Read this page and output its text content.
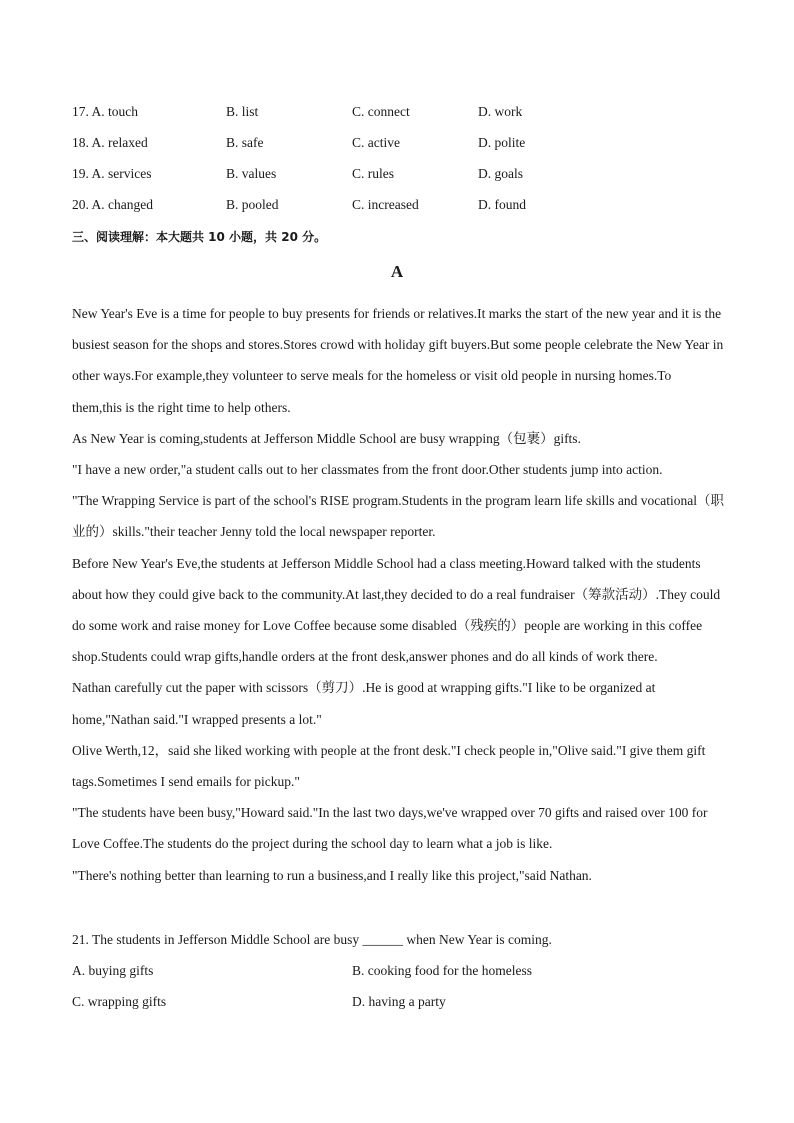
17. A. touch	B. list	C. connect	D. work
18. A. relaxed	B. safe	C. active	D. polite
19. A. services	B. values	C. rules	D. goals
20. A. changed	B. pooled	C. increased	D. found
三、阅读理解：本大题共 10 小题，共 20 分。
A

New Year's Eve is a time for people to buy presents for friends or relatives.It marks the start of the new year and it is the busiest season for the shops and stores.Stores crowd with holiday gift buyers.But some people celebrate the New Year in other ways.For example,they volunteer to serve meals for the homeless or visit old people in nursing homes.To them,this is the right time to help others.

As New Year is coming,students at Jefferson Middle School are busy wrapping（包裹）gifts.

"I have a new order,"a student calls out to her classmates from the front door.Other students jump into action.

"The Wrapping Service is part of the school's RISE program.Students in the program learn life skills and vocational（职业的）skills."their teacher Jenny told the local newspaper reporter.

Before New Year's Eve,the students at Jefferson Middle School had a class meeting.Howard talked with the students about how they could give back to the community.At last,they decided to do a real fundraiser（筹款活动）.They could do some work and raise money for Love Coffee because some disabled（残疾的）people are working in this coffee shop.Students could wrap gifts,handle orders at the front desk,answer phones and do all kinds of work there.

Nathan carefully cut the paper with scissors（剪刀）.He is good at wrapping gifts."I like to be organized at home,"Nathan said."I wrapped presents a lot."

Olive Werth,12，said she liked working with people at the front desk."I check people in,"Olive said."I give them gift tags.Sometimes I send emails for pickup."

"The students have been busy,"Howard said."In the last two days,we've wrapped over 70 gifts and raised over 100 for Love Coffee.The students do the project during the school day to learn what a job is like.

"There's nothing better than learning to run a business,and I really like this project,"said Nathan.

21. The students in Jefferson Middle School are busy ______ when New Year is coming.

A. buying gifts	B. cooking food for the homeless
C. wrapping gifts	D. having a party
